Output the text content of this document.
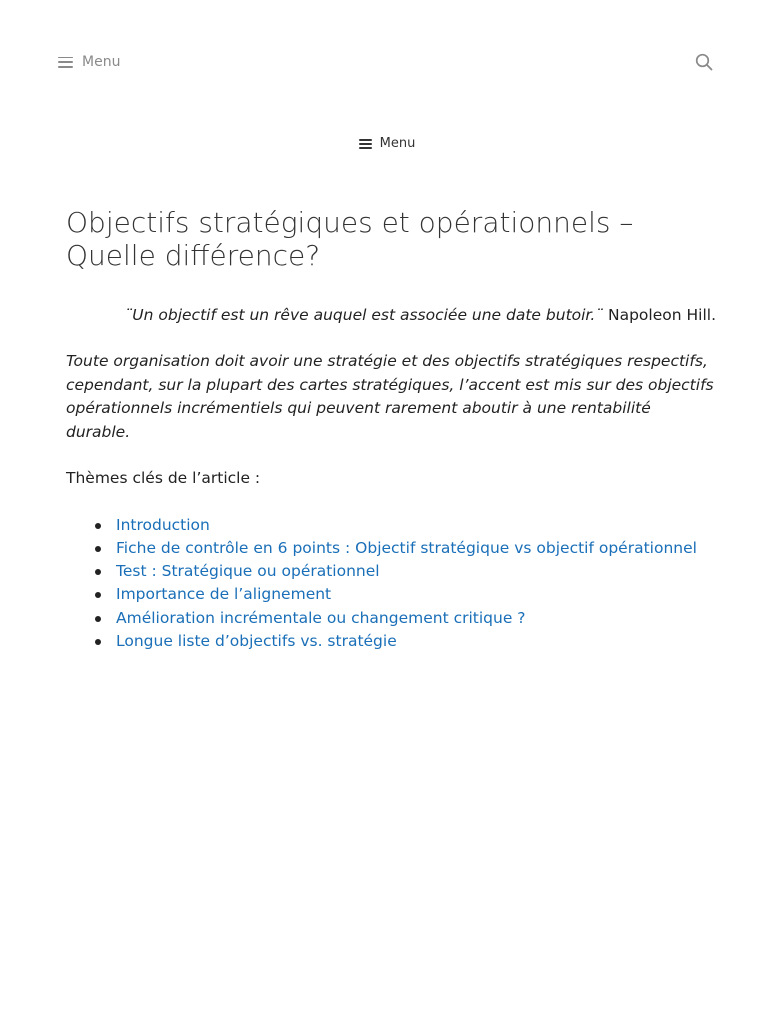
Menu
Menu
Objectifs stratégiques et opérationnels – Quelle différence?
¨Un objectif est un rêve auquel est associée une date butoir.¨ Napoleon Hill.
Toute organisation doit avoir une stratégie et des objectifs stratégiques respectifs, cependant, sur la plupart des cartes stratégiques, l’accent est mis sur des objectifs opérationnels incrémentiels qui peuvent rarement aboutir à une rentabilité durable.
Thèmes clés de l’article :
Introduction
Fiche de contrôle en 6 points : Objectif stratégique vs objectif opérationnel
Test : Stratégique ou opérationnel
Importance de l’alignement
Amélioration incrémentale ou changement critique ?
Longue liste d’objectifs vs. stratégie
